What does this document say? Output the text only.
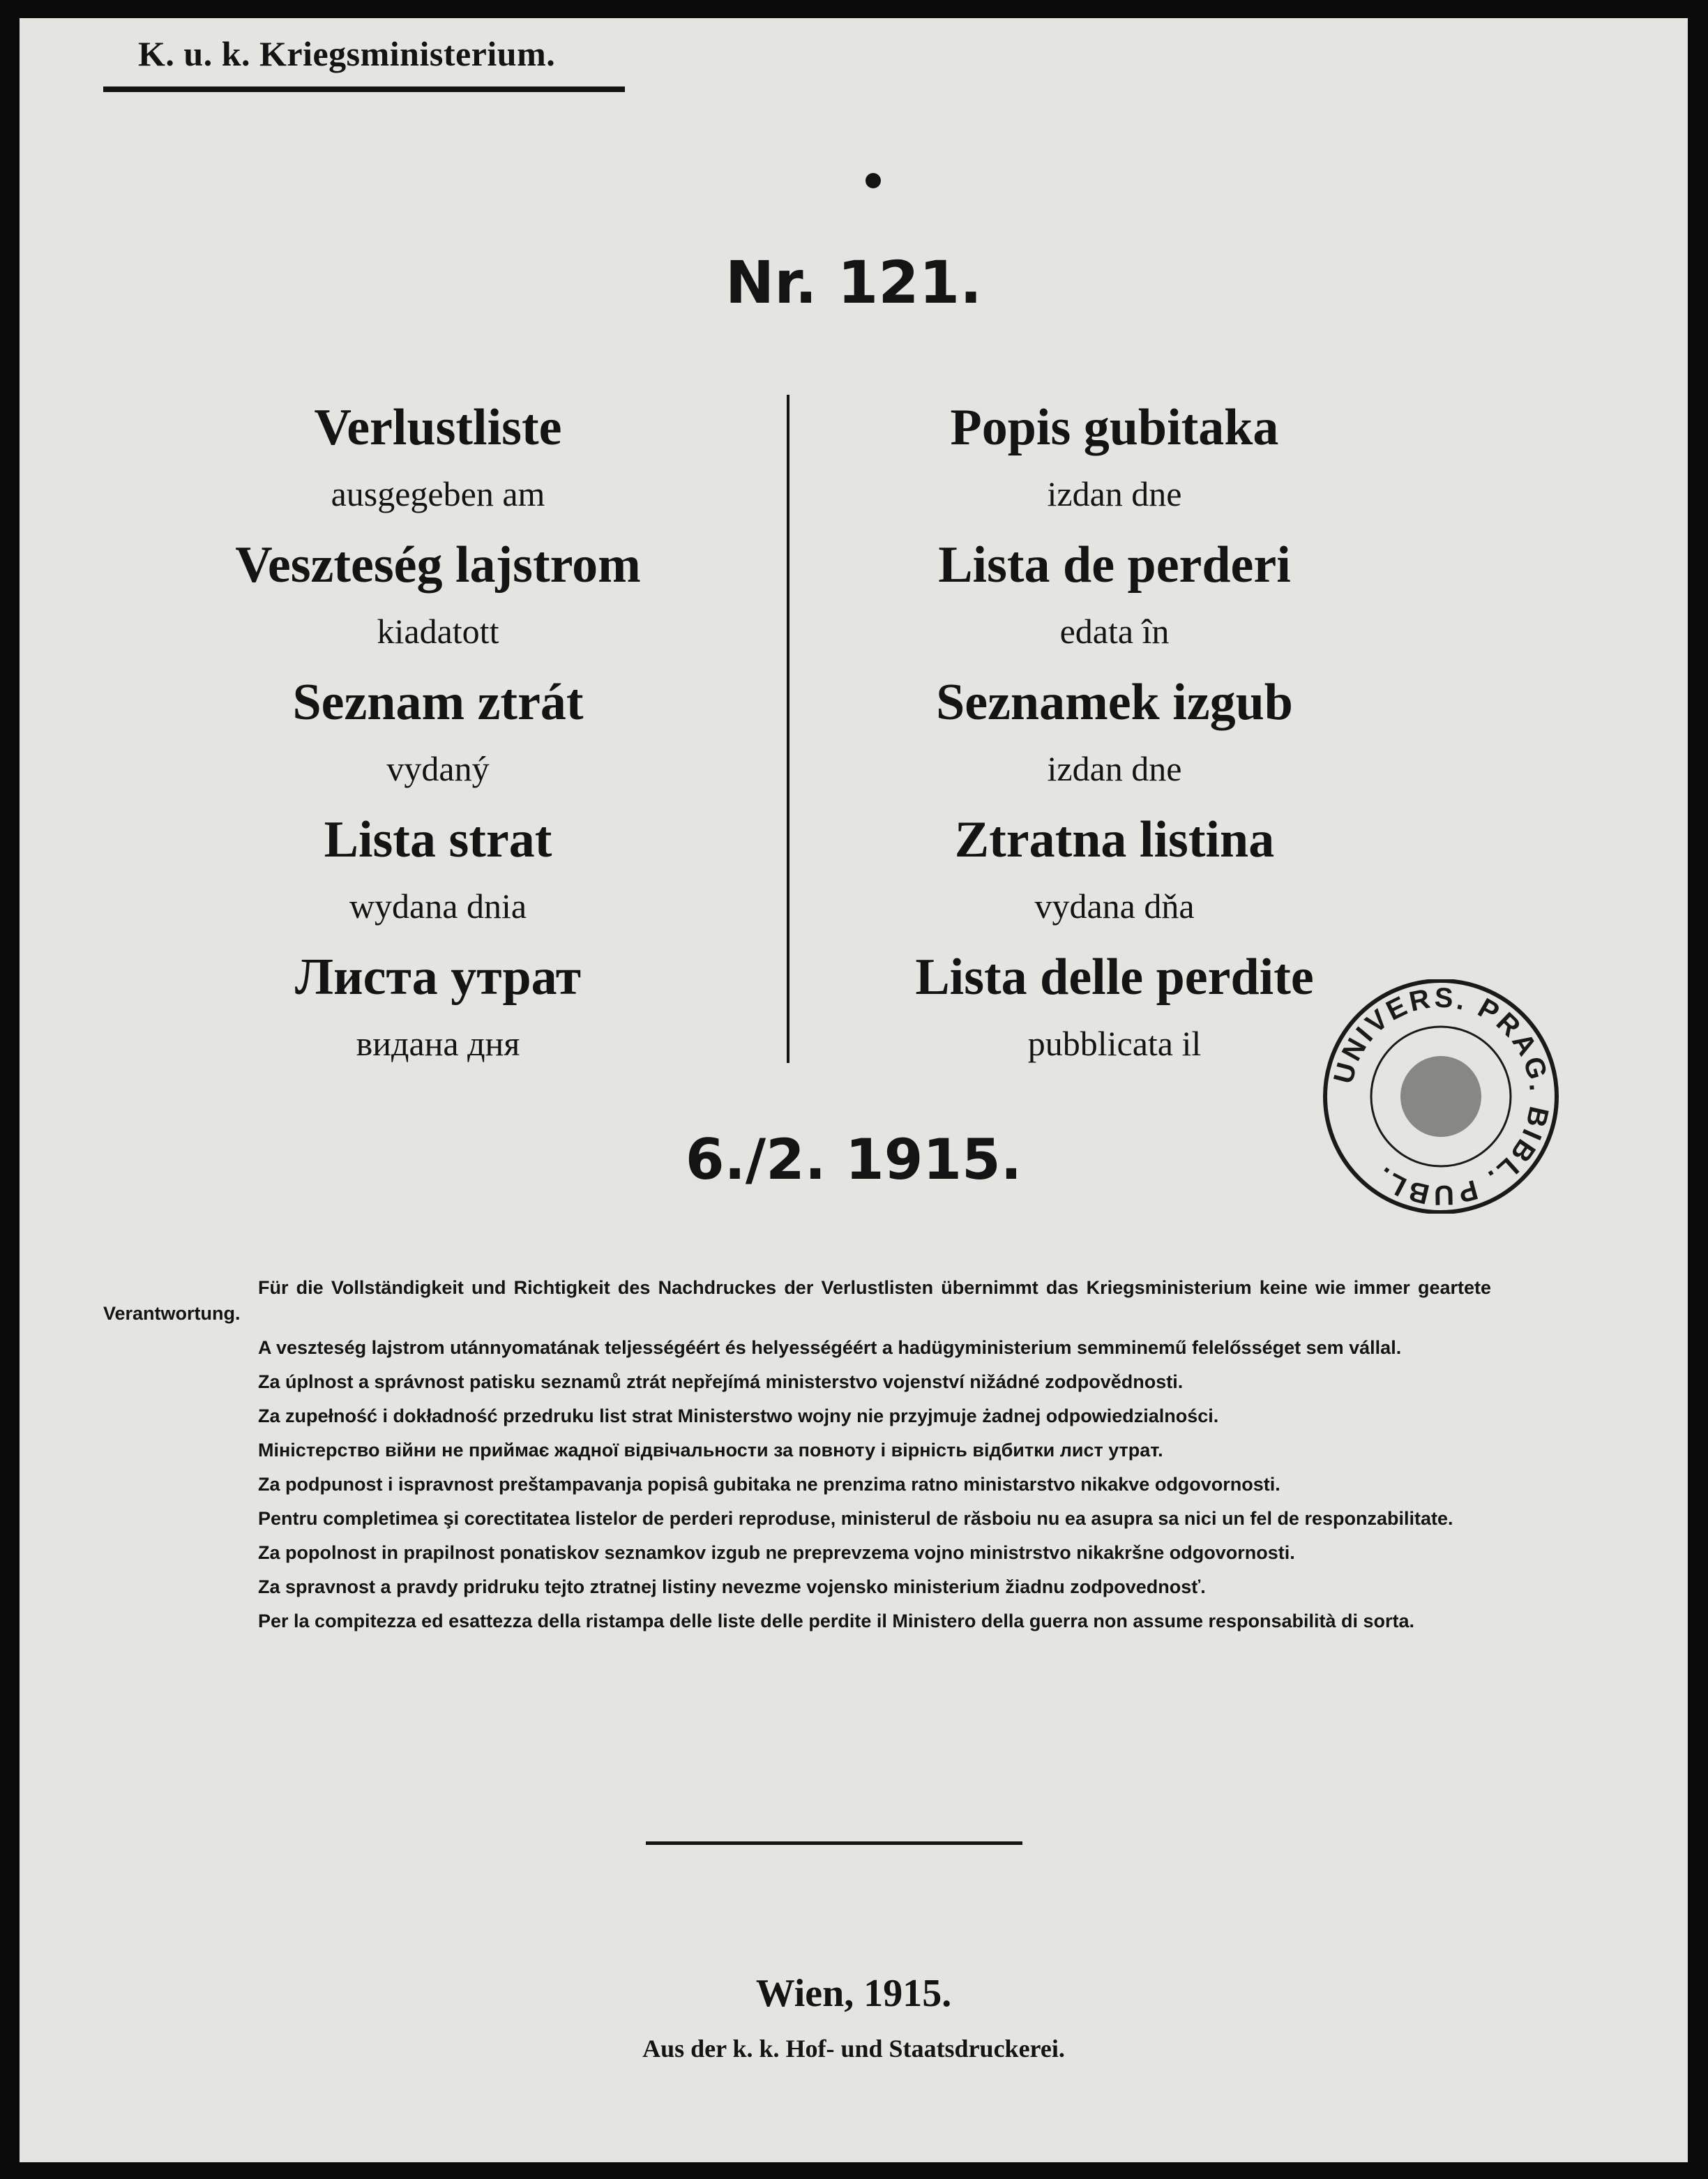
K. u. k. Kriegsministerium.
Nr. 121.
Verlustliste
ausgegeben am
Veszteség lajstrom
kiadatott
Seznam ztrát
vydaný
Lista strat
wydana dnia
Листа утрат
видана дня
Popis gubitaka
izdan dne
Lista de perderi
edata în
Seznamek izgub
izdan dne
Ztratna listina
vydana dňa
Lista delle perdite
pubblicata il
UNIVERS. PRAG. BIBL. PUBL.
6./2. 1915.

Für die Vollständigkeit und Richtigkeit des Nachdruckes der Verlustlisten übernimmt das Kriegsministerium keine wie immer geartete Verantwortung.

A veszteség lajstrom utánnyomatának teljességéért és helyességéért a hadügyministerium semminemű felelősséget sem vállal.

Za úplnost a správnost patisku seznamů ztrát nepřejímá ministerstvo vojenství nižádné zodpovědnosti.

Za zupełność i dokładność przedruku list strat Ministerstwo wojny nie przyjmuje żadnej odpowiedzialności.

Міністерство війни не приймає жадної відвічальности за повноту і вірність відбитки лист утрат.

Za podpunost i ispravnost preštampavanja popisâ gubitaka ne prenzima ratno ministarstvo nikakve odgovornosti.

Pentru completimea şi corectitatea listelor de perderi reproduse, ministerul de răsboiu nu ea asupra sa nici un fel de responzabilitate.

Za popolnost in prapilnost ponatiskov seznamkov izgub ne preprevzema vojno ministrstvo nikakršne odgovornosti.

Za spravnost a pravdy pridruku tejto ztratnej listiny nevezme vojensko ministerium žiadnu zodpovednosť.

Per la compitezza ed esattezza della ristampa delle liste delle perdite il Ministero della guerra non assume responsabilità di sorta.

Wien, 1915.
Aus der k. k. Hof- und Staatsdruckerei.
